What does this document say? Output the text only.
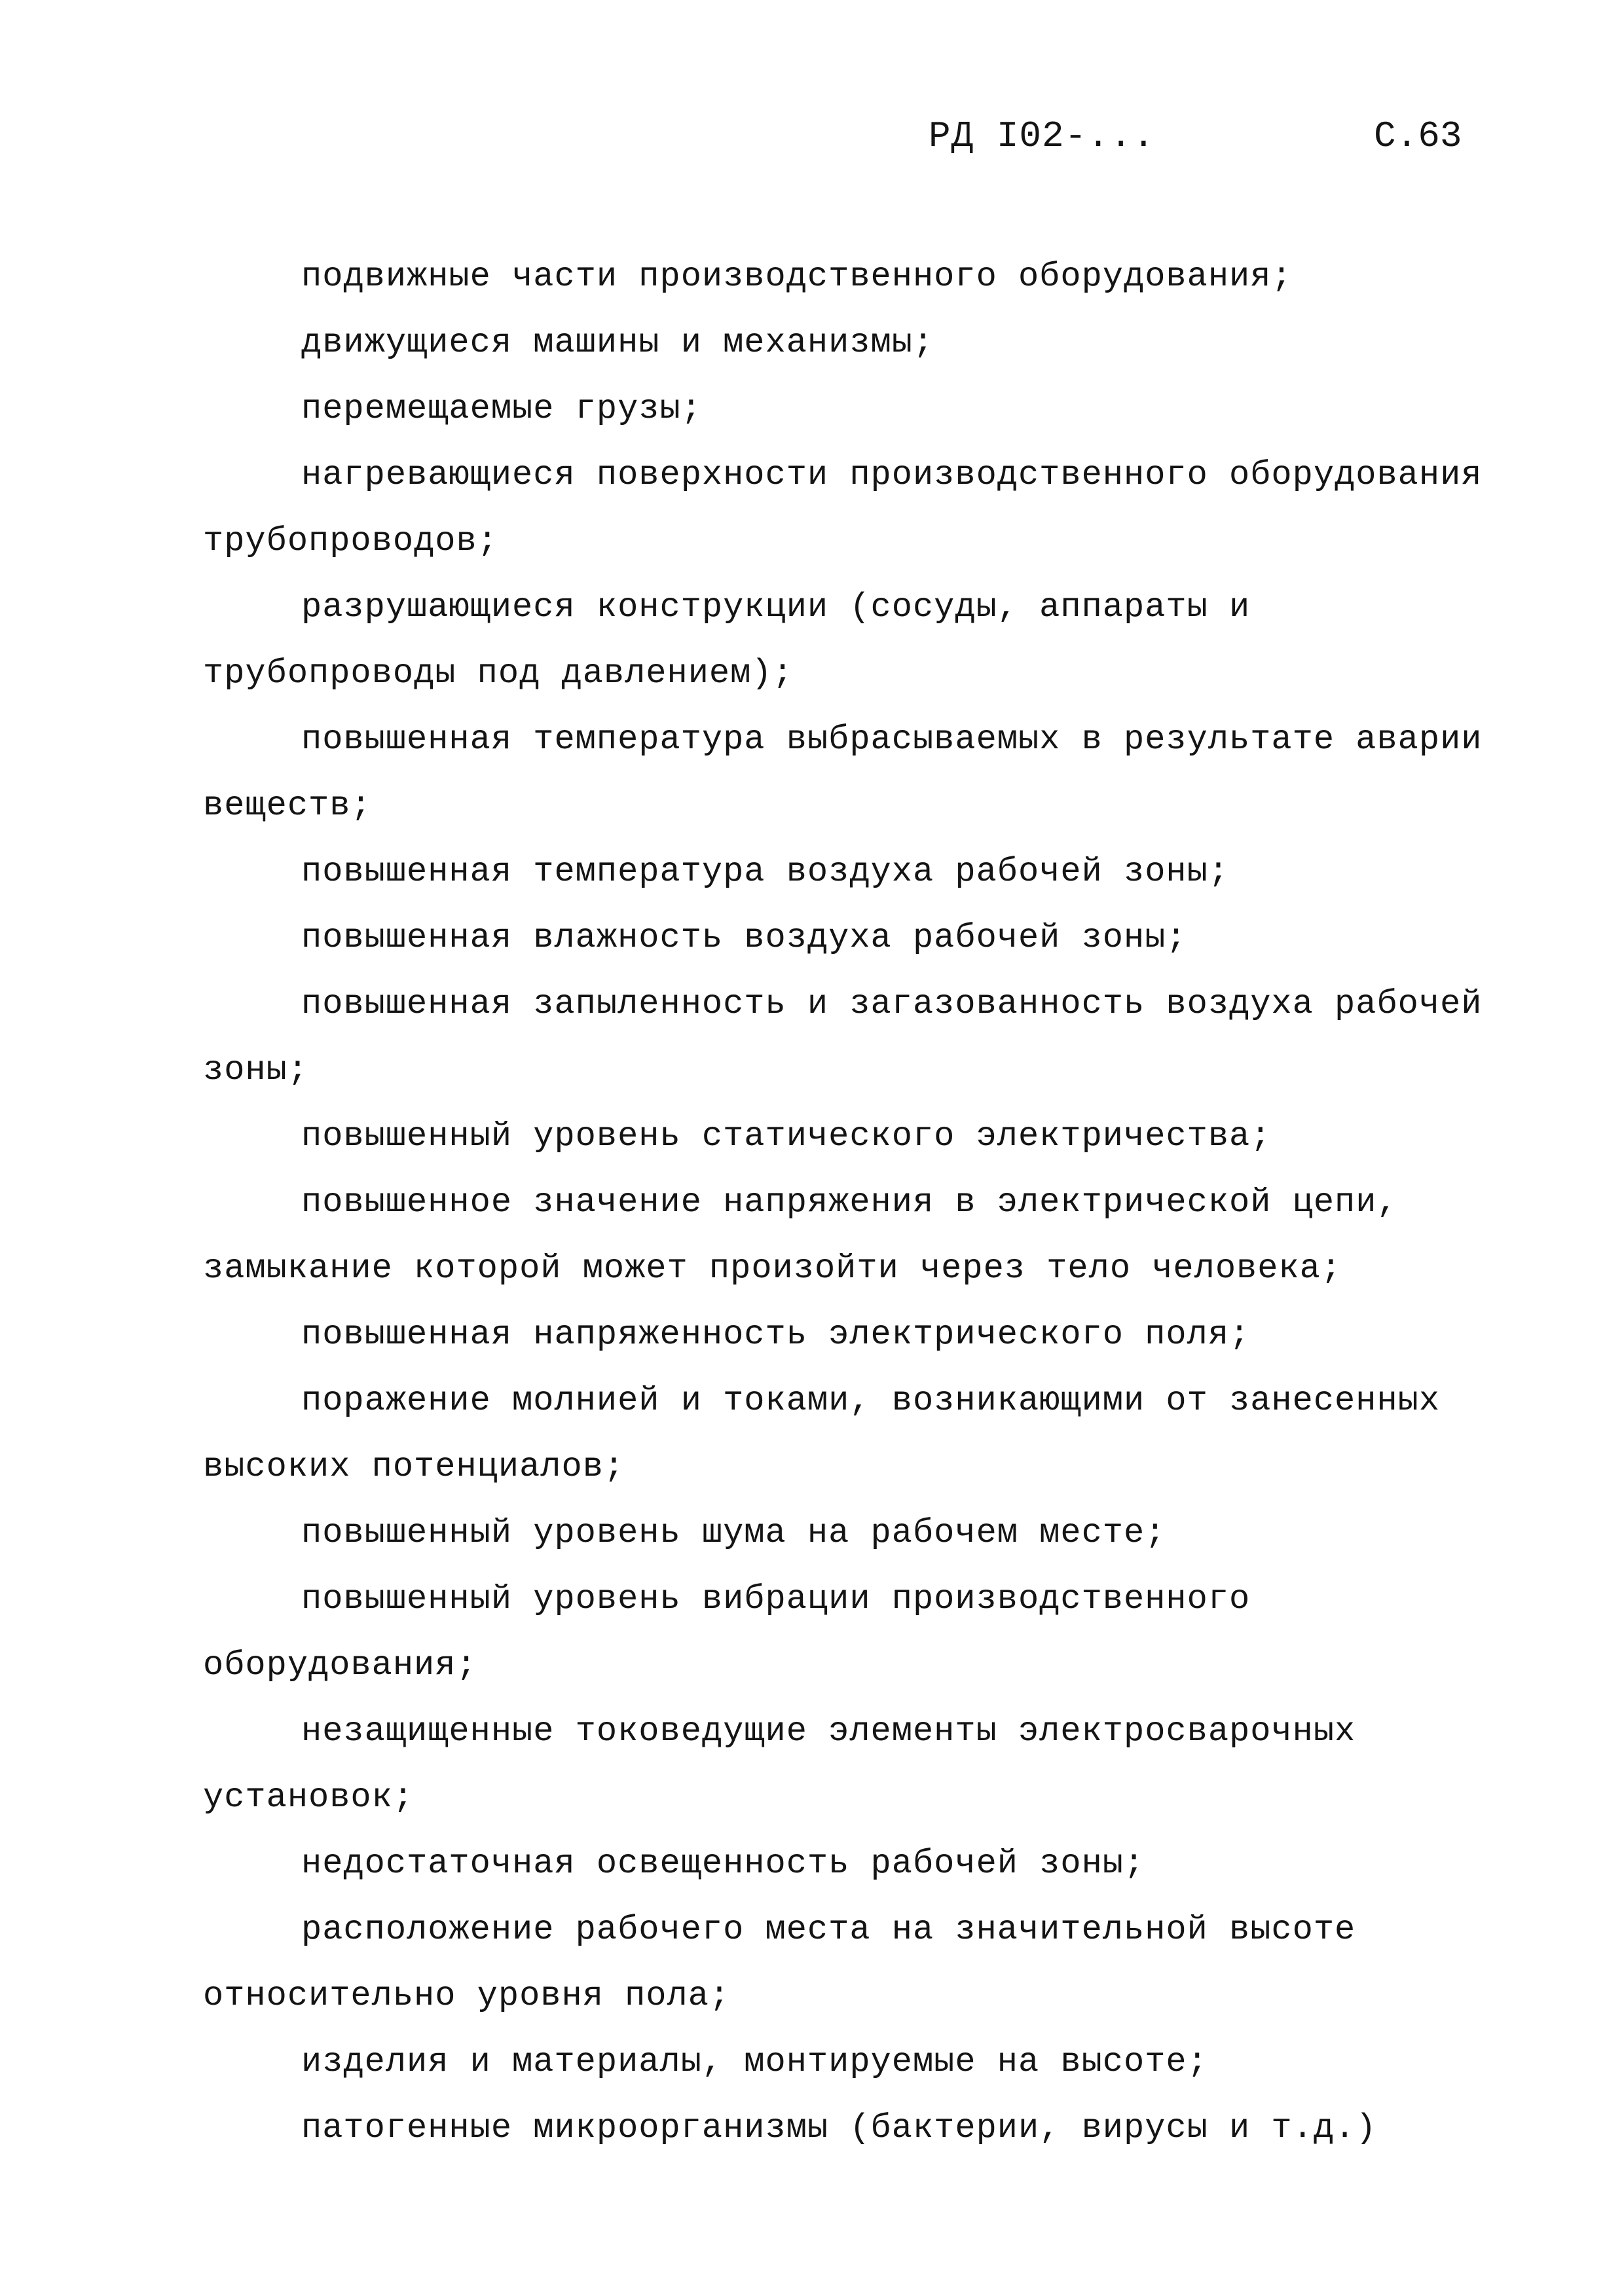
РД I02-...	С.63

подвижные части производственного оборудования;

движущиеся машины и механизмы;

перемещаемые грузы;

нагревающиеся поверхности производственного оборудования трубопроводов;

разрушающиеся конструкции (сосуды, аппараты и трубопроводы под давлением);

повышенная температура выбрасываемых в результате аварии веществ;

повышенная температура воздуха рабочей зоны;

повышенная влажность воздуха рабочей зоны;

повышенная запыленность и загазованность воздуха рабочей зоны;

повышенный уровень статического электричества;

повышенное значение напряжения в электрической цепи, замыкание которой может произойти через тело человека;

повышенная напряженность электрического поля;

поражение молнией и токами, возникающими от занесенных высоких потенциалов;

повышенный уровень шума на рабочем месте;

повышенный уровень вибрации производственного оборудования;

незащищенные токоведущие элементы электросварочных установок;

недостаточная освещенность рабочей зоны;

расположение рабочего места на значительной высоте относительно уровня пола;

изделия и материалы, монтируемые на высоте;

патогенные микроорганизмы (бактерии, вирусы и т.д.)
